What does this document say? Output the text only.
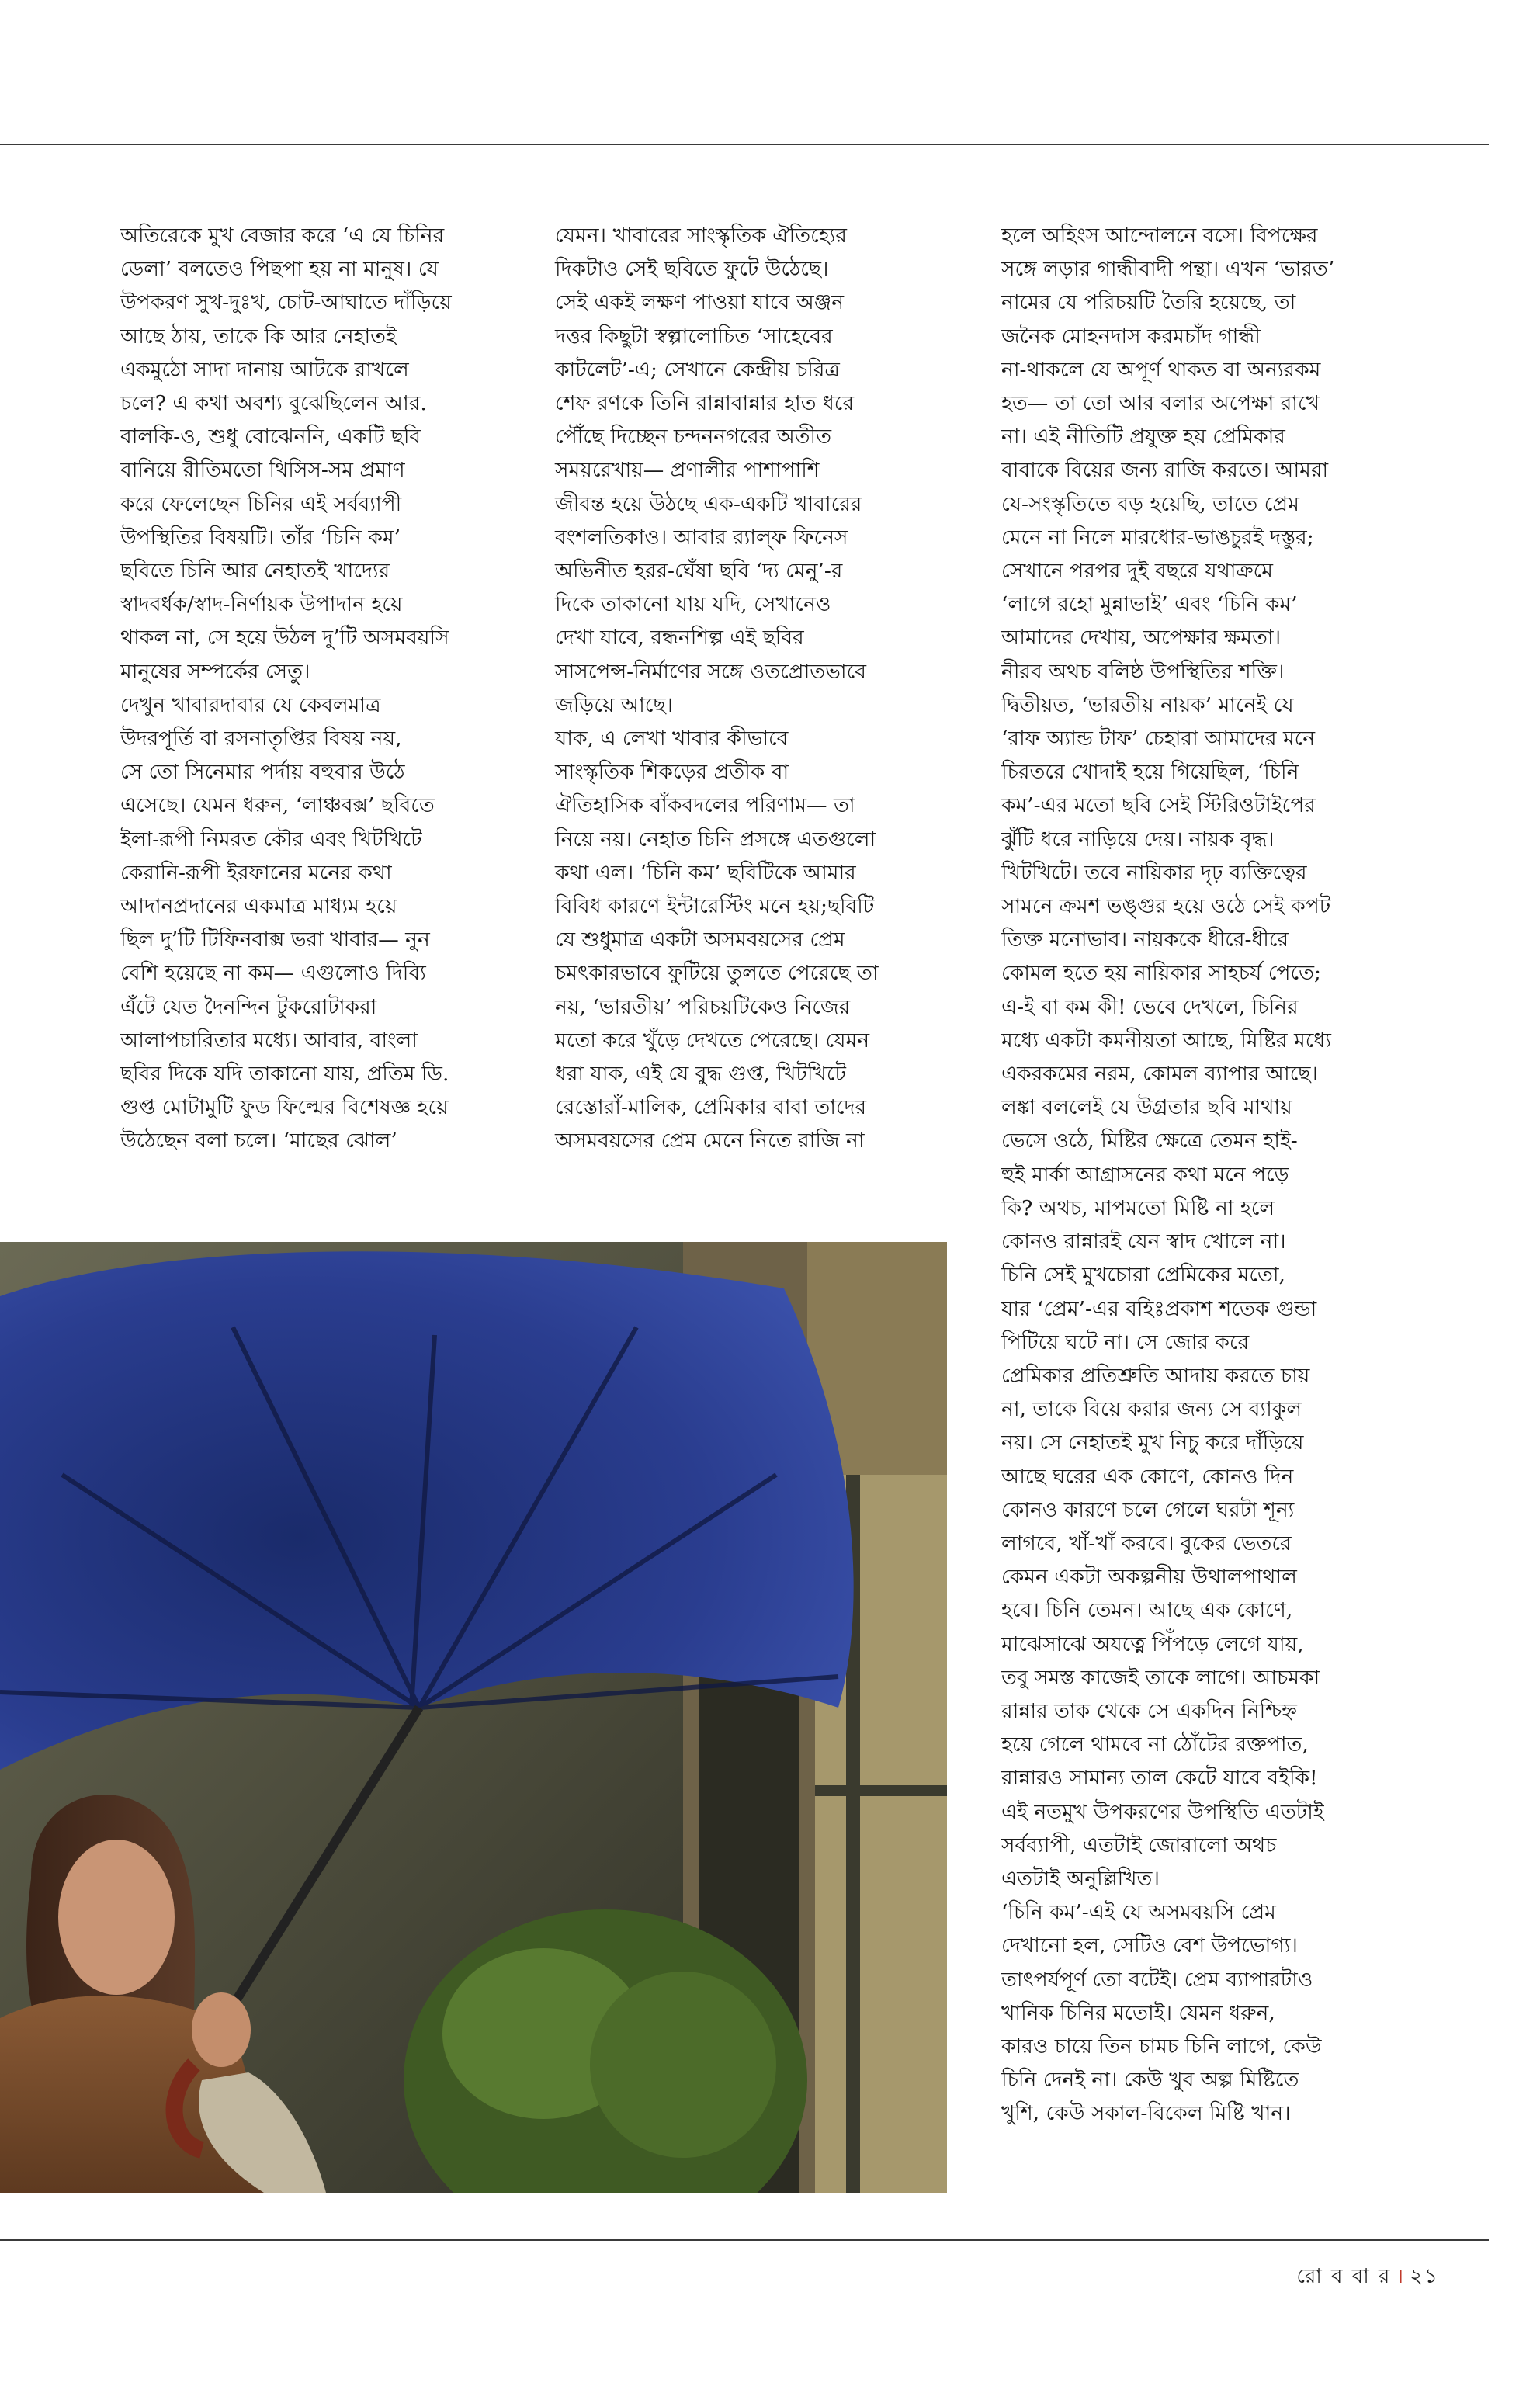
অতিরেকে মুখ বেজার করে ‘এ যে চিনির

ডেলা’ বলতেও পিছপা হয় না মানুষ। যে

উপকরণ সুখ-দুঃখ, চোট-আঘাতে দাঁড়িয়ে

আছে ঠায়, তাকে কি আর নেহাতই

একমুঠো সাদা দানায় আটকে রাখলে

চলে? এ কথা অবশ্য বুঝেছিলেন আর.

বালকি-ও, শুধু বোঝেননি, একটি ছবি

বানিয়ে রীতিমতো থিসিস-সম প্রমাণ

করে ফেলেছেন চিনির এই সর্বব্যাপী

উপস্থিতির বিষয়টি। তাঁর ‘চিনি কম’

ছবিতে চিনি আর নেহাতই খাদ্যের

স্বাদবর্ধক/স্বাদ-নির্ণায়ক উপাদান হয়ে

থাকল না, সে হয়ে উঠল দু’টি অসমবয়সি

মানুষের সম্পর্কের সেতু।

দেখুন খাবারদাবার যে কেবলমাত্র

উদরপূর্তি বা রসনাতৃপ্তির বিষয় নয়,

সে তো সিনেমার পর্দায় বহুবার উঠে

এসেছে। যেমন ধরুন, ‘লাঞ্চবক্স’ ছবিতে

ইলা-রূপী নিমরত কৌর এবং খিটখিটে

কেরানি-রূপী ইরফানের মনের কথা

আদানপ্রদানের একমাত্র মাধ্যম হয়ে

ছিল দু’টি টিফিনবাক্স ভরা খাবার— নুন

বেশি হয়েছে না কম— এগুলোও দিব্যি

এঁটে যেত দৈনন্দিন টুকরোটাকরা

আলাপচারিতার মধ্যে। আবার, বাংলা

ছবির দিকে যদি তাকানো যায়, প্রতিম ডি.

গুপ্ত মোটামুটি ফুড ফিল্মের বিশেষজ্ঞ হয়ে

উঠেছেন বলা চলে। ‘মাছের ঝোল’

যেমন। খাবারের সাংস্কৃতিক ঐতিহ্যের

দিকটাও সেই ছবিতে ফুটে উঠেছে।

সেই একই লক্ষণ পাওয়া যাবে অঞ্জন

দত্তর কিছুটা স্বল্পালোচিত ‘সাহেবের

কাটলেট’-এ; সেখানে কেন্দ্রীয় চরিত্র

শেফ রণকে তিনি রান্নাবান্নার হাত ধরে

পৌঁছে দিচ্ছেন চন্দননগরের অতীত

সময়রেখায়— প্রণালীর পাশাপাশি

জীবন্ত হয়ে উঠছে এক-একটি খাবারের

বংশলতিকাও। আবার র‍্যাল্‌ফ ফিনেস

অভিনীত হরর-ঘেঁষা ছবি ‘দ্য মেনু’-র

দিকে তাকানো যায় যদি, সেখানেও

দেখা যাবে, রন্ধনশিল্প এই ছবির

সাসপেন্স-নির্মাণের সঙ্গে ওতপ্রোতভাবে

জড়িয়ে আছে।

যাক, এ লেখা খাবার কীভাবে

সাংস্কৃতিক শিকড়ের প্রতীক বা

ঐতিহাসিক বাঁকবদলের পরিণাম— তা

নিয়ে নয়। নেহাত চিনি প্রসঙ্গে এতগুলো

কথা এল। ‘চিনি কম’ ছবিটিকে আমার

বিবিধ কারণে ইন্টারেস্টিং মনে হয়;ছবিটি

যে শুধুমাত্র একটা অসমবয়সের প্রেম

চমৎকারভাবে ফুটিয়ে তুলতে পেরেছে তা

নয়, ‘ভারতীয়’ পরিচয়টিকেও নিজের

মতো করে খুঁড়ে দেখতে পেরেছে। যেমন

ধরা যাক, এই যে বুদ্ধ গুপ্ত, খিটখিটে

রেস্তোরাঁ-মালিক, প্রেমিকার বাবা তাদের

অসমবয়সের প্রেম মেনে নিতে রাজি না

হলে অহিংস আন্দোলনে বসে। বিপক্ষের

সঙ্গে লড়ার গান্ধীবাদী পন্থা। এখন ‘ভারত’

নামের যে পরিচয়টি তৈরি হয়েছে, তা

জনৈক মোহনদাস করমচাঁদ গান্ধী

না-থাকলে যে অপূর্ণ থাকত বা অন্যরকম

হত— তা তো আর বলার অপেক্ষা রাখে

না। এই নীতিটি প্রযুক্ত হয় প্রেমিকার

বাবাকে বিয়ের জন্য রাজি করতে। আমরা

যে-সংস্কৃতিতে বড় হয়েছি, তাতে প্রেম

মেনে না নিলে মারধোর-ভাঙচুরই দস্তুর;

সেখানে পরপর দুই বছরে যথাক্রমে

‘লাগে রহো মুন্নাভাই’ এবং ‘চিনি কম’

আমাদের দেখায়, অপেক্ষার ক্ষমতা।

নীরব অথচ বলিষ্ঠ উপস্থিতির শক্তি।

দ্বিতীয়ত, ‘ভারতীয় নায়ক’ মানেই যে

‘রাফ অ্যান্ড টাফ’ চেহারা আমাদের মনে

চিরতরে খোদাই হয়ে গিয়েছিল, ‘চিনি

কম’-এর মতো ছবি সেই স্টিরিওটাইপের

ঝুঁটি ধরে নাড়িয়ে দেয়। নায়ক বৃদ্ধ।

খিটখিটে। তবে নায়িকার দৃঢ় ব্যক্তিত্বের

সামনে ক্রমশ ভঙ্গুর হয়ে ওঠে সেই কপট

তিক্ত মনোভাব। নায়ককে ধীরে-ধীরে

কোমল হতে হয় নায়িকার সাহচর্য পেতে;

এ-ই বা কম কী! ভেবে দেখলে, চিনির

মধ্যে একটা কমনীয়তা আছে, মিষ্টির মধ্যে

একরকমের নরম, কোমল ব্যাপার আছে।

লঙ্কা বললেই যে উগ্রতার ছবি মাথায়

ভেসে ওঠে, মিষ্টির ক্ষেত্রে তেমন হাই-

হুই মার্কা আগ্রাসনের কথা মনে পড়ে

কি? অথচ, মাপমতো মিষ্টি না হলে

কোনও রান্নারই যেন স্বাদ খোলে না।

চিনি সেই মুখচোরা প্রেমিকের মতো,

যার ‘প্রেম’-এর বহিঃপ্রকাশ শতেক গুন্ডা

পিটিয়ে ঘটে না। সে জোর করে

প্রেমিকার প্রতিশ্রুতি আদায় করতে চায়

না, তাকে বিয়ে করার জন্য সে ব্যাকুল

নয়। সে নেহাতই মুখ নিচু করে দাঁড়িয়ে

আছে ঘরের এক কোণে, কোনও দিন

কোনও কারণে চলে গেলে ঘরটা শূন্য

লাগবে, খাঁ-খাঁ করবে। বুকের ভেতরে

কেমন একটা অকল্পনীয় উথালপাথাল

হবে। চিনি তেমন। আছে এক কোণে,

মাঝেসাঝে অযত্নে পিঁপড়ে লেগে যায়,

তবু সমস্ত কাজেই তাকে লাগে। আচমকা

রান্নার তাক থেকে সে একদিন নিশ্চিহ্ন

হয়ে গেলে থামবে না ঠোঁটের রক্তপাত,

রান্নারও সামান্য তাল কেটে যাবে বইকি!

এই নতমুখ উপকরণের উপস্থিতি এতটাই

সর্বব্যাপী, এতটাই জোরালো অথচ

এতটাই অনুল্লিখিত।

‘চিনি কম’-এই যে অসমবয়সি প্রেম

দেখানো হল, সেটিও বেশ উপভোগ্য।

তাৎপর্যপূর্ণ তো বটেই। প্রেম ব্যাপারটাও

খানিক চিনির মতোই। যেমন ধরুন,

কারও চায়ে তিন চামচ চিনি লাগে, কেউ

চিনি দেনই না। কেউ খুব অল্প মিষ্টিতে

খুশি, কেউ সকাল-বিকেল মিষ্টি খান।

রো ব বা র । ২১
